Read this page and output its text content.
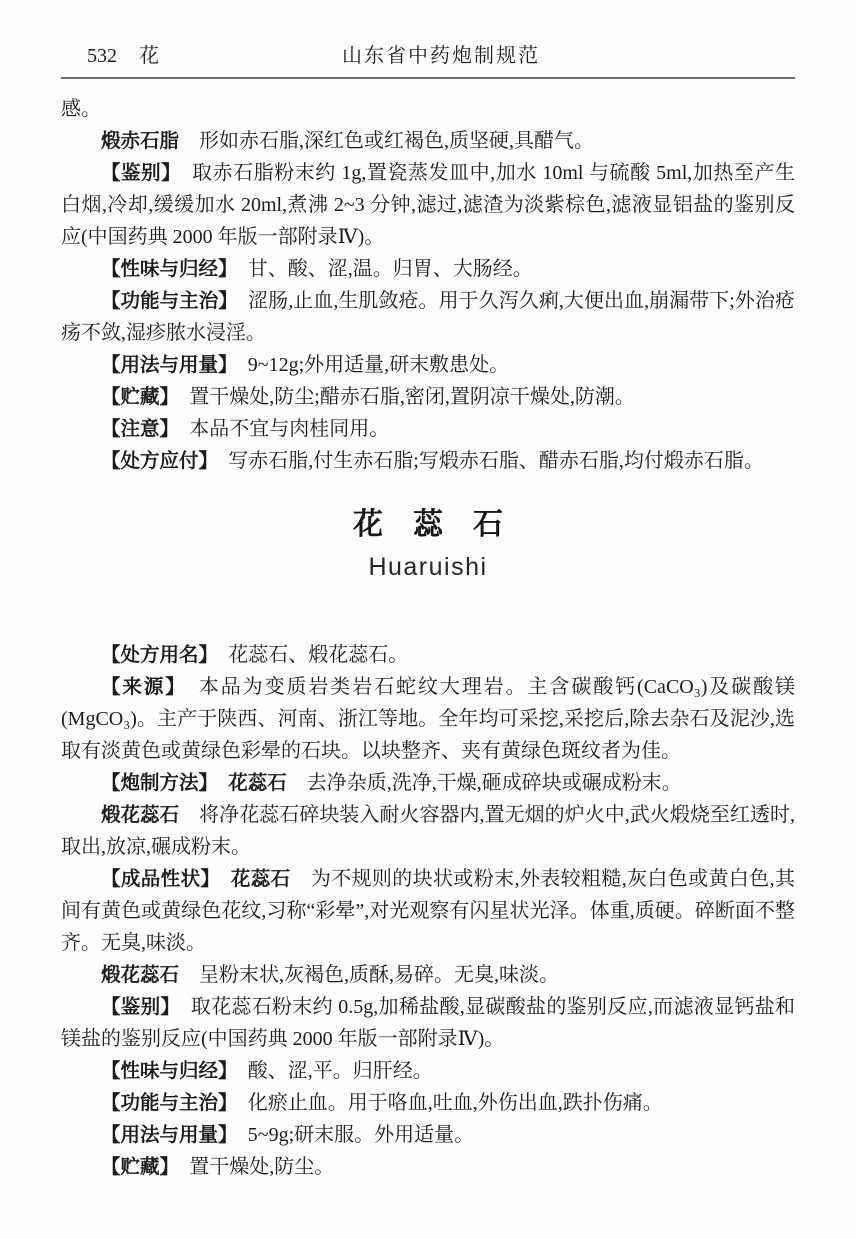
532 花	山东省中药炮制规范

感。

煅赤石脂　 形如赤石脂,深红色或红褐色,质坚硬,具醋气。

【鉴别】　 取赤石脂粉末约 1g,置瓷蒸发皿中,加水 10ml 与硫酸 5ml,加热至产生白烟,冷却,缓缓加水 20ml,煮沸 2~3 分钟,滤过,滤渣为淡紫棕色,滤液显铝盐的鉴别反应(中国药典 2000 年版一部附录Ⅳ)。

【性味与归经】　 甘、酸、涩,温。归胃、大肠经。

【功能与主治】　 涩肠,止血,生肌敛疮。用于久泻久痢,大便出血,崩漏带下;外治疮疡不敛,湿疹脓水浸淫。

【用法与用量】　 9~12g;外用适量,研末敷患处。

【贮藏】　 置干燥处,防尘;醋赤石脂,密闭,置阴凉干燥处,防潮。

【注意】　 本品不宜与肉桂同用。

【处方应付】　 写赤石脂,付生赤石脂;写煅赤石脂、醋赤石脂,均付煅赤石脂。

花蕊石
Huaruishi

【处方用名】　 花蕊石、煅花蕊石。

【来源】　 本品为变质岩类岩石蛇纹大理岩。主含碳酸钙(CaCO₃)及碳酸镁(MgCO₃)。主产于陕西、河南、浙江等地。全年均可采挖,采挖后,除去杂石及泥沙,选取有淡黄色或黄绿色彩晕的石块。以块整齐、夹有黄绿色斑纹者为佳。

【炮制方法】　 花蕊石　 去净杂质,洗净,干燥,砸成碎块或碾成粉末。

煅花蕊石　 将净花蕊石碎块装入耐火容器内,置无烟的炉火中,武火煅烧至红透时,取出,放凉,碾成粉末。

【成品性状】　 花蕊石　 为不规则的块状或粉末,外表较粗糙,灰白色或黄白色,其间有黄色或黄绿色花纹,习称“彩晕”,对光观察有闪星状光泽。体重,质硬。碎断面不整齐。无臭,味淡。

煅花蕊石　 呈粉末状,灰褐色,质酥,易碎。无臭,味淡。

【鉴别】　 取花蕊石粉末约 0.5g,加稀盐酸,显碳酸盐的鉴别反应,而滤液显钙盐和镁盐的鉴别反应(中国药典 2000 年版一部附录Ⅳ)。

【性味与归经】　 酸、涩,平。归肝经。

【功能与主治】　 化瘀止血。用于咯血,吐血,外伤出血,跌扑伤痛。

【用法与用量】　 5~9g;研末服。外用适量。

【贮藏】　 置干燥处,防尘。
